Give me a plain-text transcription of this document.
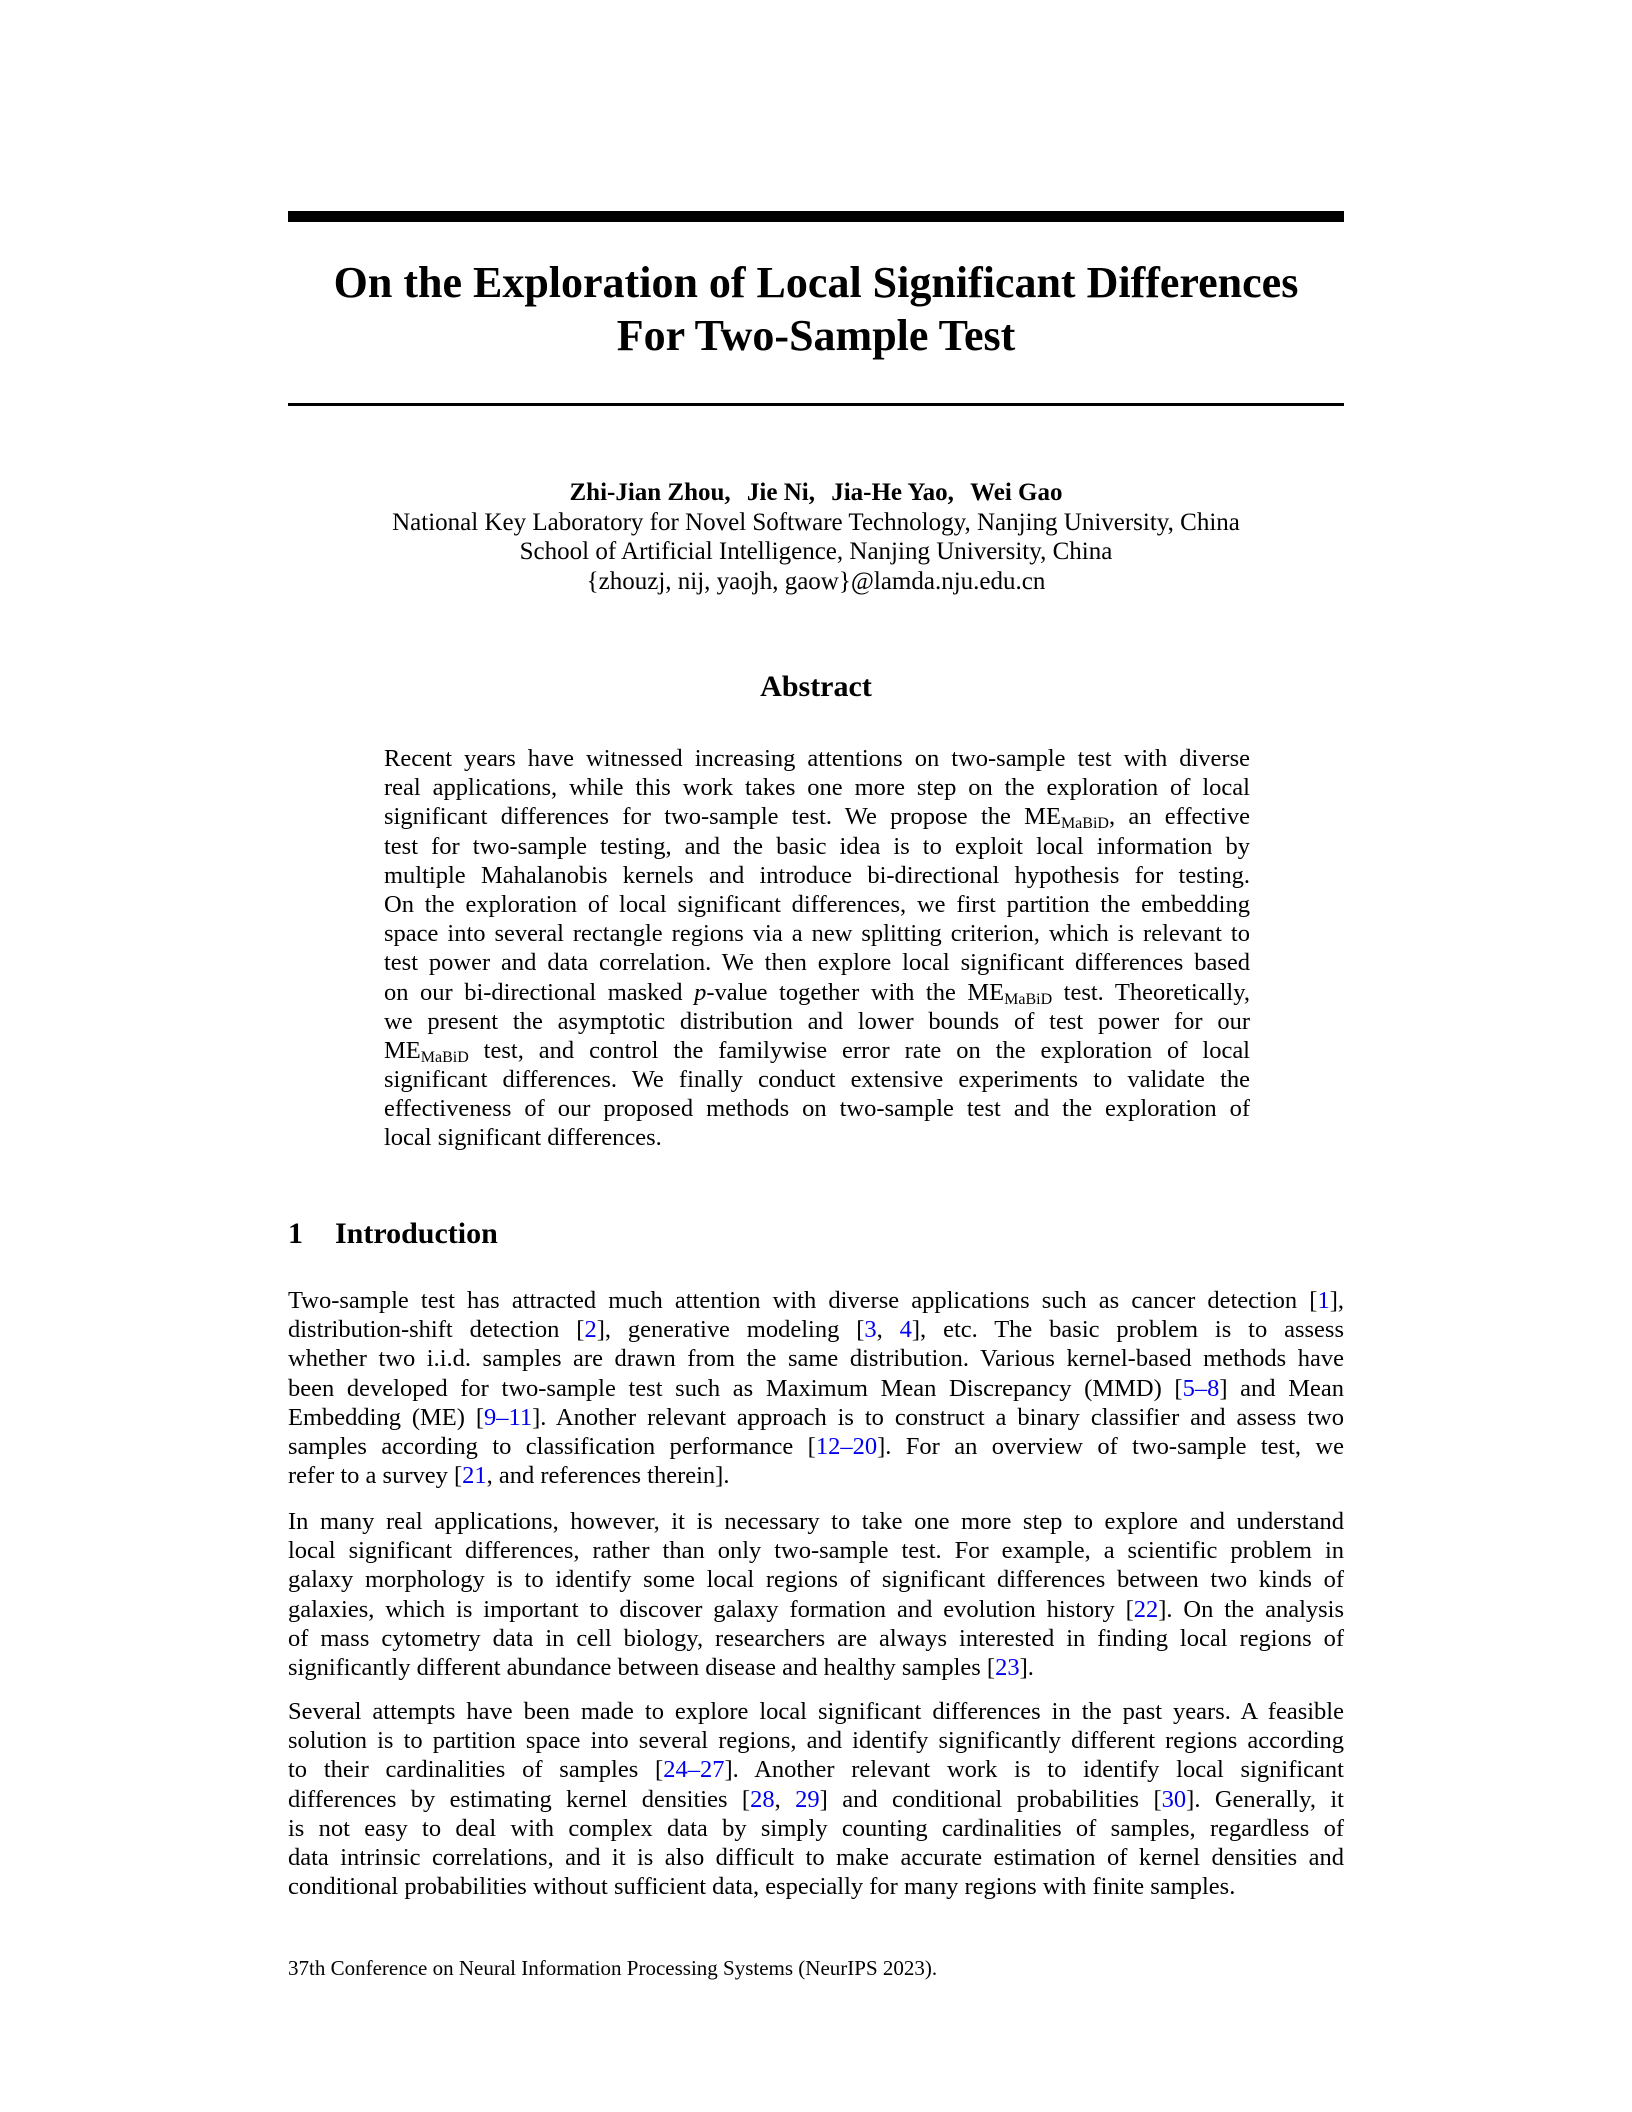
On the Exploration of Local Significant Differences
For Two-Sample Test
Zhi-Jian Zhou, Jie Ni, Jia-He Yao, Wei Gao
National Key Laboratory for Novel Software Technology, Nanjing University, China
School of Artificial Intelligence, Nanjing University, China
{zhouzj, nij, yaojh, gaow}@lamda.nju.edu.cn
Abstract
Recent years have witnessed increasing attentions on two-sample test with diverse
real applications, while this work takes one more step on the exploration of local
significant differences for two-sample test. We propose the $ME_{MaBiD}$, an effective
test for two-sample testing, and the basic idea is to exploit local information by
multiple Mahalanobis kernels and introduce bi-directional hypothesis for testing.
On the exploration of local significant differences, we first partition the embedding
space into several rectangle regions via a new splitting criterion, which is relevant to
test power and data correlation. We then explore local significant differences based
on our bi-directional masked p-value together with the $ME_{MaBiD}$ test. Theoretically,
we present the asymptotic distribution and lower bounds of test power for our
$ME_{MaBiD}$ test, and control the familywise error rate on the exploration of local
significant differences. We finally conduct extensive experiments to validate the
effectiveness of our proposed methods on two-sample test and the exploration of
local significant differences.
1 Introduction
Two-sample test has attracted much attention with diverse applications such as cancer detection [1],
distribution-shift detection [2], generative modeling [3, 4], etc. The basic problem is to assess
whether two i.i.d. samples are drawn from the same distribution. Various kernel-based methods have
been developed for two-sample test such as Maximum Mean Discrepancy (MMD) [5–8] and Mean
Embedding (ME) [9–11]. Another relevant approach is to construct a binary classifier and assess two
samples according to classification performance [12–20]. For an overview of two-sample test, we
refer to a survey [21, and references therein].
In many real applications, however, it is necessary to take one more step to explore and understand
local significant differences, rather than only two-sample test. For example, a scientific problem in
galaxy morphology is to identify some local regions of significant differences between two kinds of
galaxies, which is important to discover galaxy formation and evolution history [22]. On the analysis
of mass cytometry data in cell biology, researchers are always interested in finding local regions of
significantly different abundance between disease and healthy samples [23].
Several attempts have been made to explore local significant differences in the past years. A feasible
solution is to partition space into several regions, and identify significantly different regions according
to their cardinalities of samples [24–27]. Another relevant work is to identify local significant
differences by estimating kernel densities [28, 29] and conditional probabilities [30]. Generally, it
is not easy to deal with complex data by simply counting cardinalities of samples, regardless of
data intrinsic correlations, and it is also difficult to make accurate estimation of kernel densities and
conditional probabilities without sufficient data, especially for many regions with finite samples.
37th Conference on Neural Information Processing Systems (NeurIPS 2023).
